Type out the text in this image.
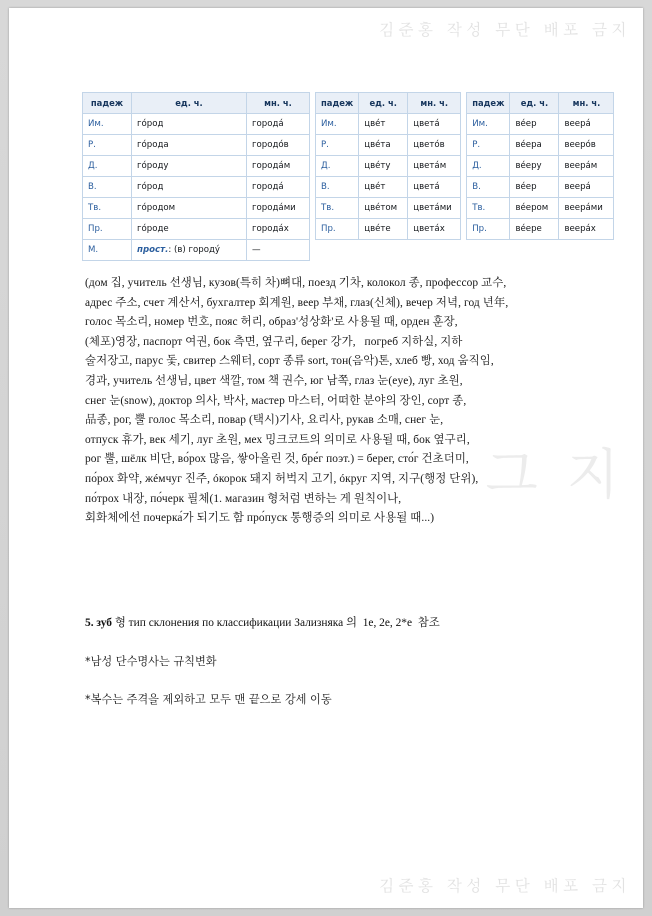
김준홍 작성 무단 배포 금지
그 지
김준홍 작성 무단 배포 금지
падеж	ед. ч.	мн. ч.
Им.	го́род	города́
Р.	го́рода	городо́в
Д.	го́роду	города́м
В.	го́род	города́
Тв.	го́родом	города́ми
Пр.	го́роде	города́х
М.	прост.: (в) городу́	—
падеж	ед. ч.	мн. ч.
Им.	цве́т	цвета́
Р.	цве́та	цвето́в
Д.	цве́ту	цвета́м
В.	цве́т	цвета́
Тв.	цве́том	цвета́ми
Пр.	цве́те	цвета́х
падеж	ед. ч.	мн. ч.
Им.	ве́ер	веера́
Р.	ве́ера	вееро́в
Д.	ве́еру	веера́м
В.	ве́ер	веера́
Тв.	ве́ером	веера́ми
Пр.	ве́ере	веера́х
(дом 집, учитель 선생님, кузов(특히 차)뼈대, поезд 기차, колокол 종, профессор 교수,
адрес 주소, счет 계산서, бухгалтер 회계원, веер 부채, глаз(신체), вечер 저녁, год 년年,
голос 목소리, номер 번호, пояс 허리, образ'성상화'로 사용될 때, орден 훈장,
(체포)영장, паспорт 여권, бок 측면, 옆구리, берег 강가,   погреб 지하실, 지하
술저장고, парус 돛, свитер 스웨터, сорт 종류 sort, тон(음악)톤, хлеб 빵, ход 움직임,
경과, учитель 선생님, цвет 색깔, том 책 권수, юг 남쪽, глаз 눈(eye), луг 초원,
снег 눈(snow), доктор 의사, 박사, мастер 마스터, 어떠한 분야의 장인, сорт 종,
品종, рог, 뿔 голос 목소리, повар (택시)기사, 요리사, рукав 소매, снег 눈,
отпуск 휴가, век 세기, луг 초원, мех 밍크코트의 의미로 사용될 때, бок 옆구리,
рог 뿔, шёлк 비단, во́рох 많음, 쌓아올린 것, бре́г поэт.) = берег, сто́г 건초더미,
по́рох 화약, жéмчуг 진주, óкорок 돼지 허벅지 고기, óкруг 지역, 지구(행정 단위),
по́трох 내장, по́черк 필체(1. магазин 형처럼 변하는 게 원칙이나,
회화체에선 почерка́가 되기도 함 про́пуск 통행증의 의미로 사용될 때...)
5. зуб 형 тип склонения по классификации Зализняка 의  1e, 2e, 2*e  참조
*남성 단수명사는 규칙변화
*복수는 주격을 제외하고 모두 맨 끝으로 강세 이동
